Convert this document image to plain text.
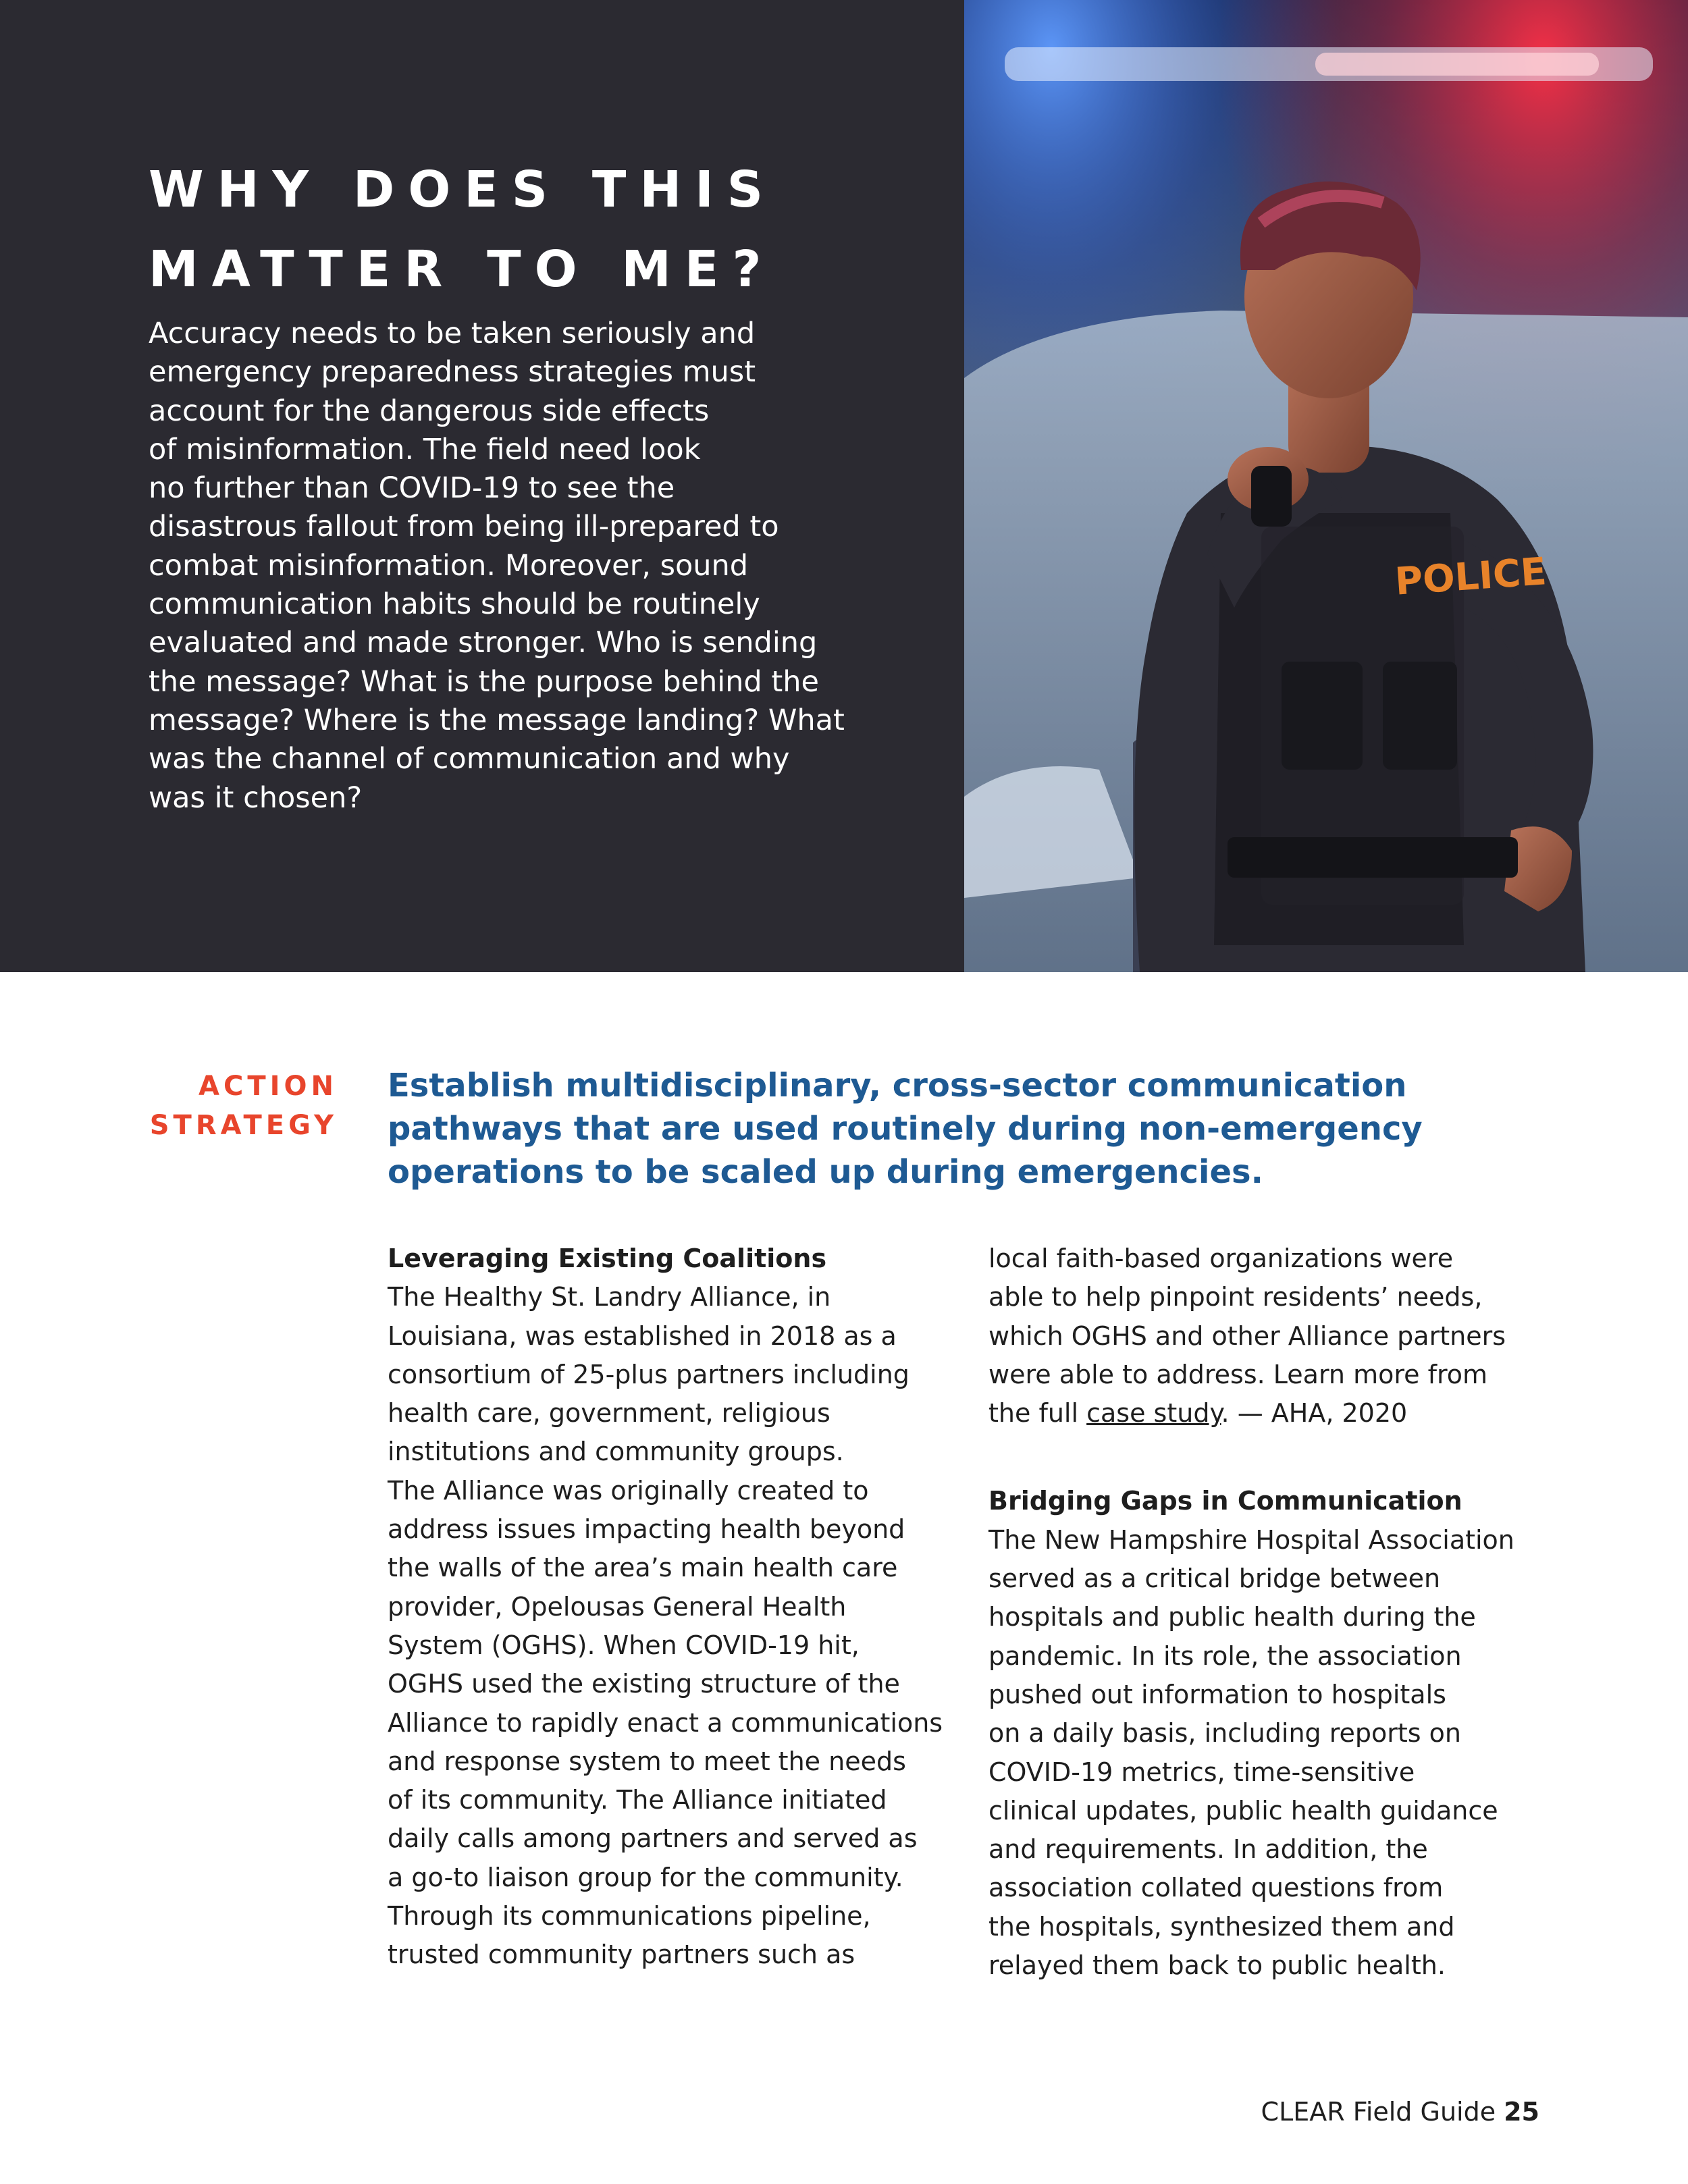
WHY DOES THIS
MATTER TO ME?
Accuracy needs to be taken seriously and
emergency preparedness strategies must
account for the dangerous side effects
of misinformation. The field need look
no further than COVID-19 to see the
disastrous fallout from being ill-prepared to
combat misinformation. Moreover, sound
communication habits should be routinely
evaluated and made stronger. Who is sending
the message? What is the purpose behind the
message? Where is the message landing? What
was the channel of communication and why
was it chosen?
POLICE
ACTION
STRATEGY
Establish multidisciplinary, cross-sector communication
pathways that are used routinely during non-emergency
operations to be scaled up during emergencies.
Leveraging Existing Coalitions
The Healthy St. Landry Alliance, in
Louisiana, was established in 2018 as a
consortium of 25-plus partners including
health care, government, religious
institutions and community groups.
The Alliance was originally created to
address issues impacting health beyond
the walls of the area’s main health care
provider, Opelousas General Health
System (OGHS). When COVID-19 hit,
OGHS used the existing structure of the
Alliance to rapidly enact a communications
and response system to meet the needs
of its community. The Alliance initiated
daily calls among partners and served as
a go-to liaison group for the community.
Through its communications pipeline,
trusted community partners such as
local faith-based organizations were
able to help pinpoint residents’ needs,
which OGHS and other Alliance partners
were able to address. Learn more from
the full case study. — AHA, 2020
Bridging Gaps in Communication
The New Hampshire Hospital Association
served as a critical bridge between
hospitals and public health during the
pandemic. In its role, the association
pushed out information to hospitals
on a daily basis, including reports on
COVID-19 metrics, time-sensitive
clinical updates, public health guidance
and requirements. In addition, the
association collated questions from
the hospitals, synthesized them and
relayed them back to public health.
CLEAR Field Guide 25
